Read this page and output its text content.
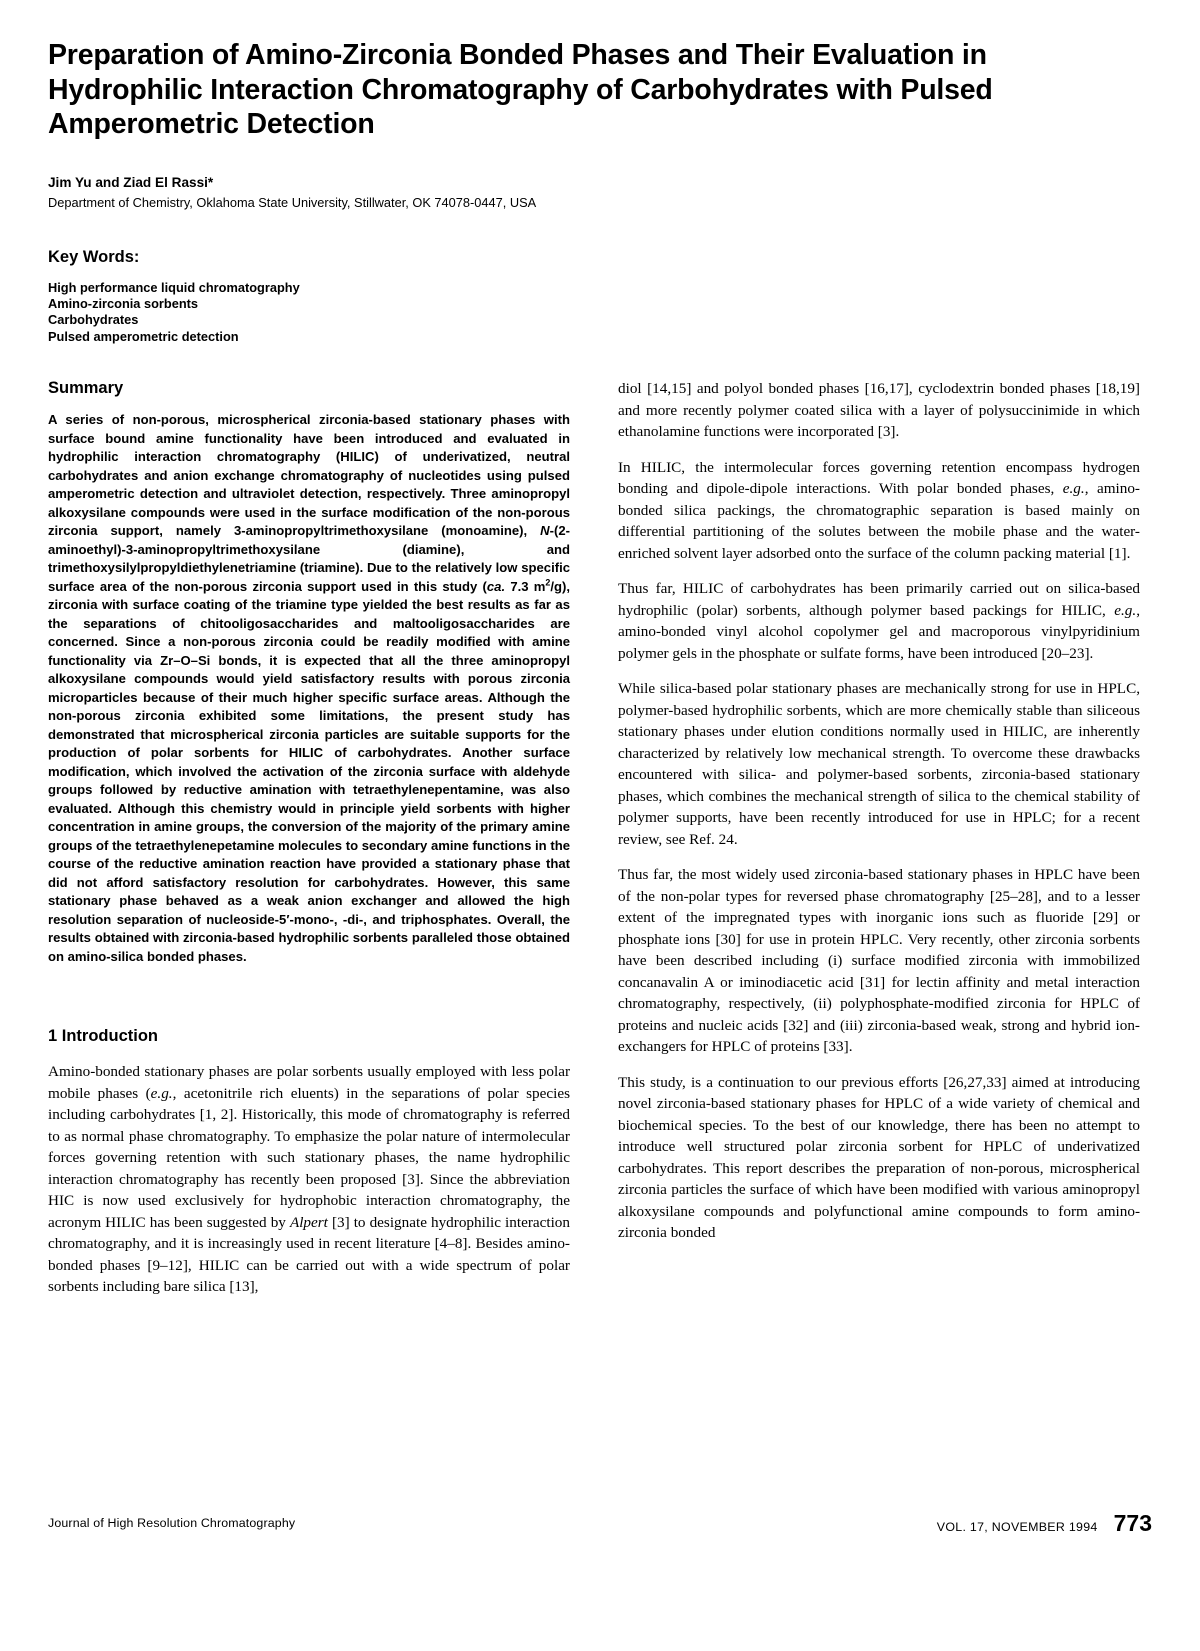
Preparation of Amino-Zirconia Bonded Phases and Their Evaluation in Hydrophilic Interaction Chromatography of Carbohydrates with Pulsed Amperometric Detection
Jim Yu and Ziad El Rassi*
Department of Chemistry, Oklahoma State University, Stillwater, OK 74078-0447, USA
Key Words:
High performance liquid chromatography
Amino-zirconia sorbents
Carbohydrates
Pulsed amperometric detection
Summary

A series of non-porous, microspherical zirconia-based stationary phases with surface bound amine functionality have been introduced and evaluated in hydrophilic interaction chromatography (HILIC) of underivatized, neutral carbohydrates and anion exchange chromatography of nucleotides using pulsed amperometric detection and ultraviolet detection, respectively. Three aminopropyl alkoxysilane compounds were used in the surface modification of the non-porous zirconia support, namely 3-aminopropyltrimethoxysilane (monoamine), N-(2-aminoethyl)-3-aminopropyltrimethoxysilane (diamine), and trimethoxysilylpropyldiethylenetriamine (triamine). Due to the relatively low specific surface area of the non-porous zirconia support used in this study (ca. 7.3 $m^2/g$), zirconia with surface coating of the triamine type yielded the best results as far as the separations of chitooligosaccharides and maltooligosaccharides are concerned. Since a non-porous zirconia could be readily modified with amine functionality via Zr–O–Si bonds, it is expected that all the three aminopropyl alkoxysilane compounds would yield satisfactory results with porous zirconia microparticles because of their much higher specific surface areas. Although the non-porous zirconia exhibited some limitations, the present study has demonstrated that microspherical zirconia particles are suitable supports for the production of polar sorbents for HILIC of carbohydrates. Another surface modification, which involved the activation of the zirconia surface with aldehyde groups followed by reductive amination with tetraethylenepentamine, was also evaluated. Although this chemistry would in principle yield sorbents with higher concentration in amine groups, the conversion of the majority of the primary amine groups of the tetraethylenepetamine molecules to secondary amine functions in the course of the reductive amination reaction have provided a stationary phase that did not afford satisfactory resolution for carbohydrates. However, this same stationary phase behaved as a weak anion exchanger and allowed the high resolution separation of nucleoside-5′-mono-, -di-, and triphosphates. Overall, the results obtained with zirconia-based hydrophilic sorbents paralleled those obtained on amino-silica bonded phases.

1 Introduction

Amino-bonded stationary phases are polar sorbents usually employed with less polar mobile phases (e.g., acetonitrile rich eluents) in the separations of polar species including carbohydrates [1, 2]. Historically, this mode of chromatography is referred to as normal phase chromatography. To emphasize the polar nature of intermolecular forces governing retention with such stationary phases, the name hydrophilic interaction chromatography has recently been proposed [3]. Since the abbreviation HIC is now used exclusively for hydrophobic interaction chromatography, the acronym HILIC has been suggested by Alpert [3] to designate hydrophilic interaction chromatography, and it is increasingly used in recent literature [4–8]. Besides amino-bonded phases [9–12], HILIC can be carried out with a wide spectrum of polar sorbents including bare silica [13],

diol [14,15] and polyol bonded phases [16,17], cyclodextrin bonded phases [18,19] and more recently polymer coated silica with a layer of polysuccinimide in which ethanolamine functions were incorporated [3].

In HILIC, the intermolecular forces governing retention encompass hydrogen bonding and dipole-dipole interactions. With polar bonded phases, e.g., amino-bonded silica packings, the chromatographic separation is based mainly on differential partitioning of the solutes between the mobile phase and the water-enriched solvent layer adsorbed onto the surface of the column packing material [1].

Thus far, HILIC of carbohydrates has been primarily carried out on silica-based hydrophilic (polar) sorbents, although polymer based packings for HILIC, e.g., amino-bonded vinyl alcohol copolymer gel and macroporous vinylpyridinium polymer gels in the phosphate or sulfate forms, have been introduced [20–23].

While silica-based polar stationary phases are mechanically strong for use in HPLC, polymer-based hydrophilic sorbents, which are more chemically stable than siliceous stationary phases under elution conditions normally used in HILIC, are inherently characterized by relatively low mechanical strength. To overcome these drawbacks encountered with silica- and polymer-based sorbents, zirconia-based stationary phases, which combines the mechanical strength of silica to the chemical stability of polymer supports, have been recently introduced for use in HPLC; for a recent review, see Ref. 24.

Thus far, the most widely used zirconia-based stationary phases in HPLC have been of the non-polar types for reversed phase chromatography [25–28], and to a lesser extent of the impregnated types with inorganic ions such as fluoride [29] or phosphate ions [30] for use in protein HPLC. Very recently, other zirconia sorbents have been described including (i) surface modified zirconia with immobilized concanavalin A or iminodiacetic acid [31] for lectin affinity and metal interaction chromatography, respectively, (ii) polyphosphate-modified zirconia for HPLC of proteins and nucleic acids [32] and (iii) zirconia-based weak, strong and hybrid ion-exchangers for HPLC of proteins [33].

This study, is a continuation to our previous efforts [26,27,33] aimed at introducing novel zirconia-based stationary phases for HPLC of a wide variety of chemical and biochemical species. To the best of our knowledge, there has been no attempt to introduce well structured polar zirconia sorbent for HPLC of underivatized carbohydrates. This report describes the preparation of non-porous, microspherical zirconia particles the surface of which have been modified with various aminopropyl alkoxysilane compounds and polyfunctional amine compounds to form amino-zirconia bonded

Journal of High Resolution Chromatography	VOL. 17, NOVEMBER 1994 773
